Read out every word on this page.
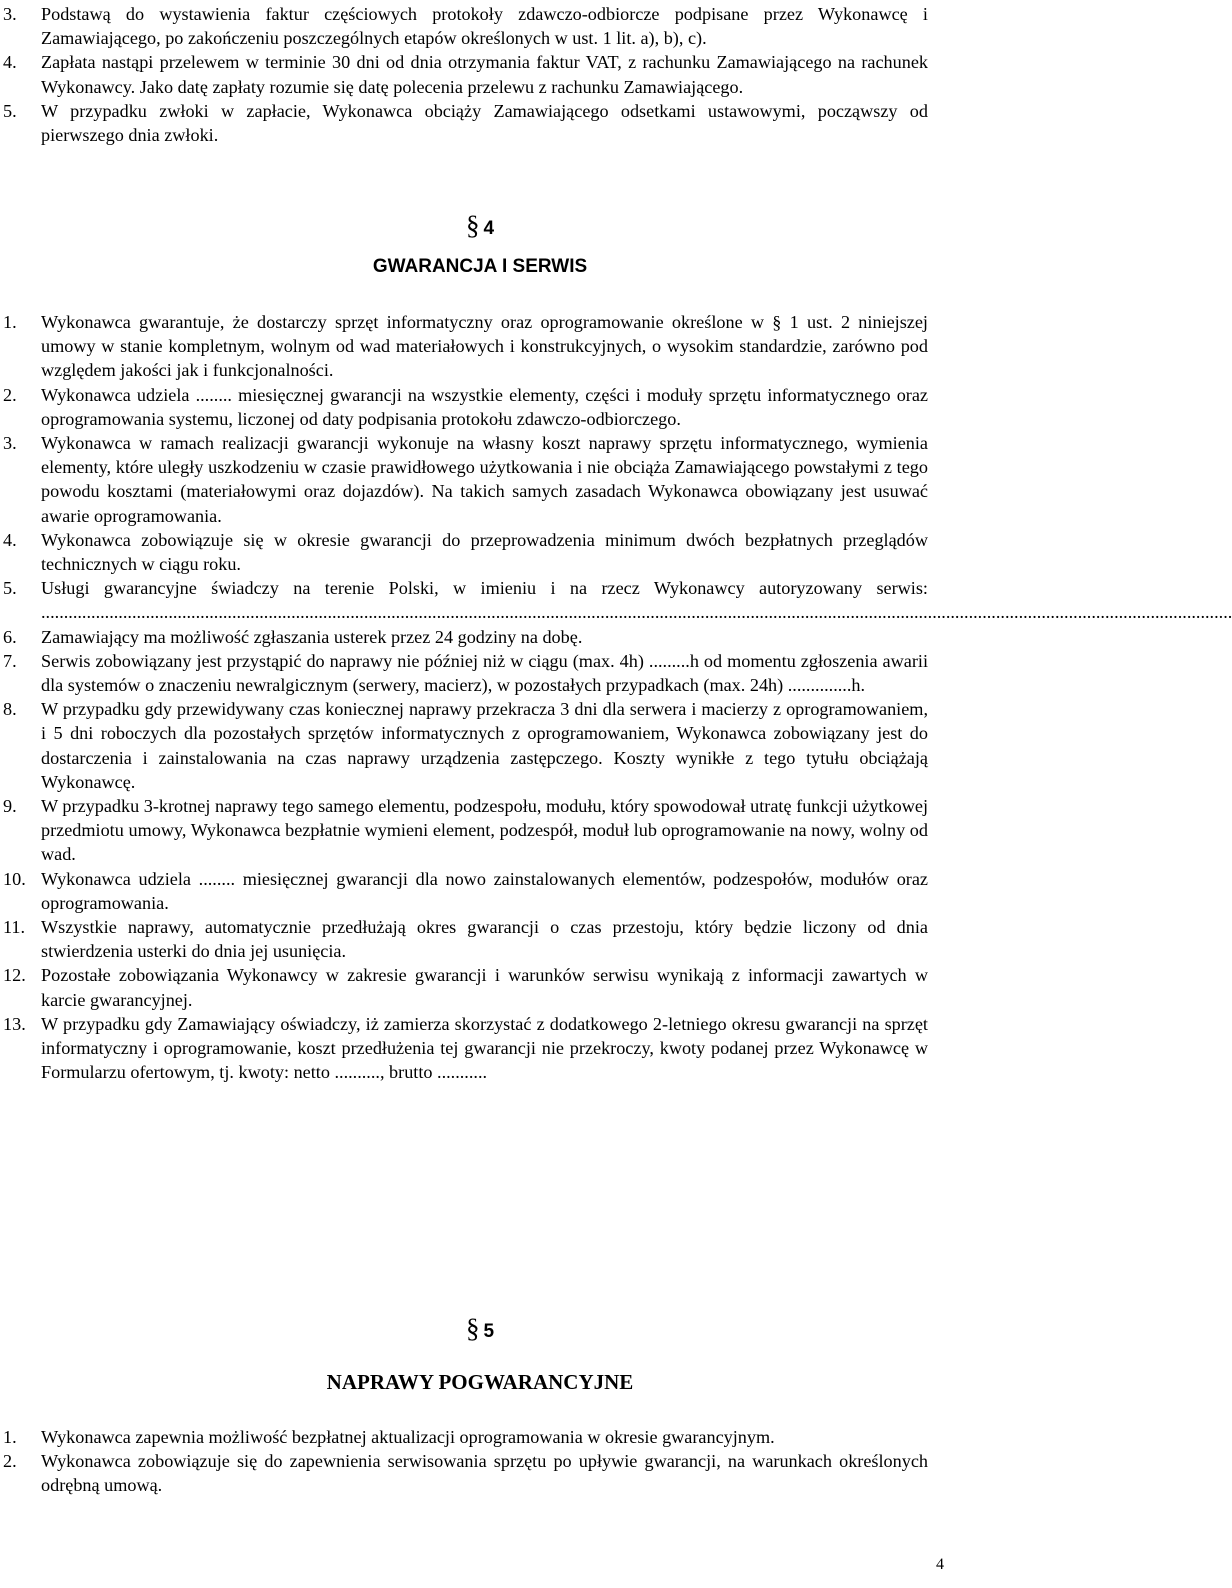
3.	Podstawą do wystawienia faktur częściowych protokoły zdawczo-odbiorcze podpisane przez Wykonawcę i Zamawiającego, po zakończeniu poszczególnych etapów określonych w ust. 1 lit. a), b), c).

4.	Zapłata nastąpi przelewem w terminie 30 dni od dnia otrzymania faktur VAT, z rachunku Zamawiającego na rachunek Wykonawcy. Jako datę zapłaty rozumie się datę polecenia przelewu z rachunku Zamawiającego.

5.	W przypadku zwłoki w zapłacie, Wykonawca obciąży Zamawiającego odsetkami ustawowymi, począwszy od pierwszego dnia zwłoki.

§ 4

GWARANCJA I SERWIS

1.	Wykonawca gwarantuje, że dostarczy sprzęt informatyczny oraz oprogramowanie określone w § 1 ust. 2 niniejszej umowy w stanie kompletnym, wolnym od wad materiałowych i konstrukcyjnych, o wysokim standardzie, zarówno pod względem jakości jak i funkcjonalności.

2.	Wykonawca udziela ........ miesięcznej gwarancji na wszystkie elementy, części i moduły sprzętu informatycznego oraz oprogramowania systemu, liczonej od daty podpisania protokołu zdawczo-odbiorczego.

3.	Wykonawca w ramach realizacji gwarancji wykonuje na własny koszt naprawy sprzętu informatycznego, wymienia elementy, które uległy uszkodzeniu w czasie prawidłowego użytkowania i nie obciąża Zamawiającego powstałymi z tego powodu kosztami (materiałowymi oraz dojazdów). Na takich samych zasadach Wykonawca obowiązany jest usuwać awarie oprogramowania.

4.	Wykonawca zobowiązuje się w okresie gwarancji do przeprowadzenia minimum dwóch bezpłatnych przeglądów technicznych w ciągu roku.

5.	Usługi gwarancyjne świadczy na terenie Polski, w imieniu i na rzecz Wykonawcy autoryzowany serwis: ......................................................................................................................................................................................................................................................................

6.	Zamawiający ma możliwość zgłaszania usterek przez 24 godziny na dobę.

7.	Serwis zobowiązany jest przystąpić do naprawy nie później niż w ciągu (max. 4h) .........h od momentu zgłoszenia awarii dla systemów o znaczeniu newralgicznym (serwery, macierz), w pozostałych przypadkach (max. 24h) ..............h.

8.	W przypadku gdy przewidywany czas koniecznej naprawy przekracza 3 dni dla serwera i macierzy z oprogramowaniem, i 5 dni roboczych dla pozostałych sprzętów informatycznych z oprogramowaniem, Wykonawca zobowiązany jest do dostarczenia i zainstalowania na czas naprawy urządzenia zastępczego. Koszty wynikłe z tego tytułu obciążają Wykonawcę.

9.	W przypadku 3-krotnej naprawy tego samego elementu, podzespołu, modułu, który spowodował utratę funkcji użytkowej przedmiotu umowy, Wykonawca bezpłatnie wymieni element, podzespół, moduł lub oprogramowanie na nowy, wolny od wad.

10. Wykonawca udziela ........ miesięcznej gwarancji dla nowo zainstalowanych elementów, podzespołów, modułów oraz oprogramowania.

11. Wszystkie naprawy, automatycznie przedłużają okres gwarancji o czas przestoju, który będzie liczony od dnia stwierdzenia usterki do dnia jej usunięcia.

12. Pozostałe zobowiązania Wykonawcy w zakresie gwarancji i warunków serwisu wynikają z informacji zawartych w karcie gwarancyjnej.

13. W przypadku gdy Zamawiający oświadczy, iż zamierza skorzystać z dodatkowego 2-letniego okresu gwarancji na sprzęt informatyczny i oprogramowanie, koszt przedłużenia tej gwarancji nie przekroczy, kwoty podanej przez Wykonawcę w Formularzu ofertowym, tj. kwoty: netto .........., brutto ...........

§ 5

NAPRAWY POGWARANCYJNE

1.	Wykonawca zapewnia możliwość bezpłatnej aktualizacji oprogramowania w okresie gwarancyjnym.

2.	Wykonawca zobowiązuje się do zapewnienia serwisowania sprzętu po upływie gwarancji, na warunkach określonych odrębną umową.

4
